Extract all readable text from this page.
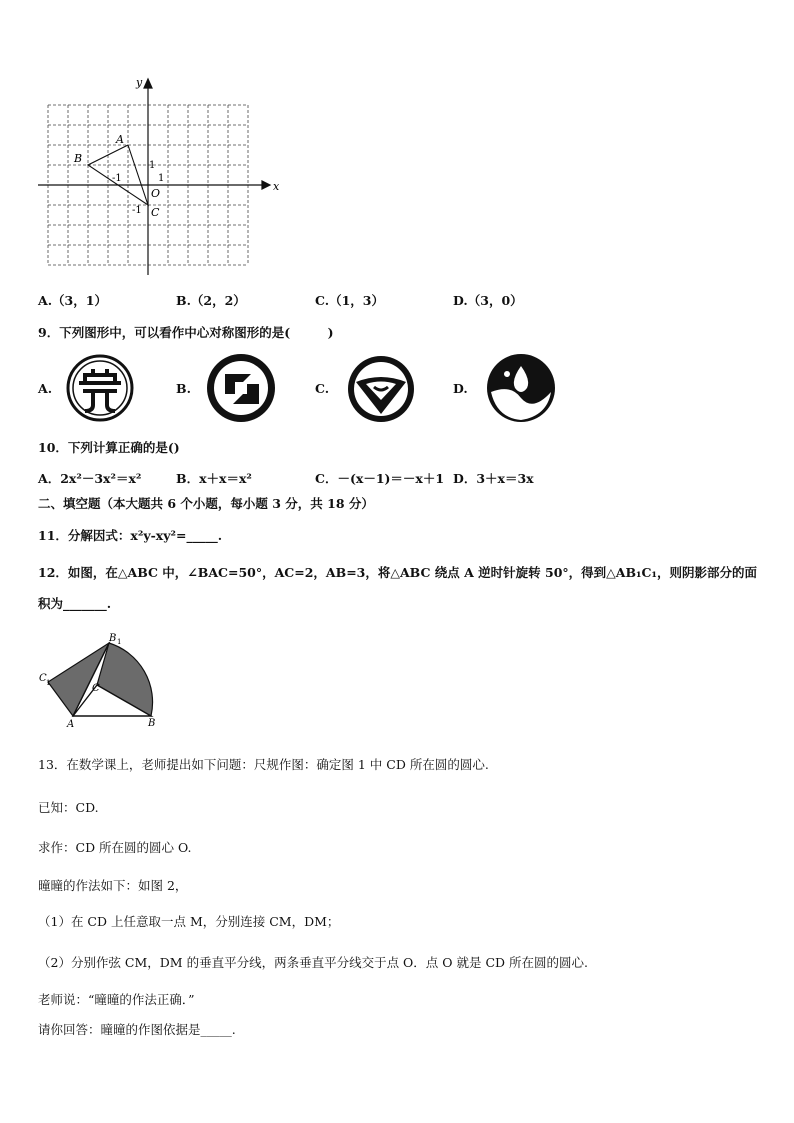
x
y
A
B
C
O
1
-1	1
-1
A.（3，1）	B.（2，2）	C.（1，3）	D.（3，0）
9．下列图形中，可以看作中心对称图形的是(　　　)
A.	B.	C.	D.
10．下列计算正确的是()
A．2x²－3x²＝x²	B．x＋x＝x²	C．－(x－1)＝－x＋1 D．3＋x＝3x
二、填空题（本大题共 6 个小题，每小题 3 分，共 18 分）
11．分解因式：x²y-xy²=_____.
12．如图，在△ABC 中，∠BAC=50°，AC=2，AB=3，将△ABC 绕点 A 逆时针旋转 50°，得到△AB₁C₁，则阴影部分的面
积为_______.
B 1
C 1	C
A	B
13．在数学课上，老师提出如下问题：尺规作图：确定图 1 中 CD 所在圆的圆心.
已知：CD.
求作：CD 所在圆的圆心 O.
曈曈的作法如下：如图 2，
（1）在 CD 上任意取一点 M，分别连接 CM，DM；
（2）分别作弦 CM，DM 的垂直平分线，两条垂直平分线交于点 O．点 O 就是 CD 所在圆的圆心.
老师说：“曈曈的作法正确．”
请你回答：曈曈的作图依据是_____.
